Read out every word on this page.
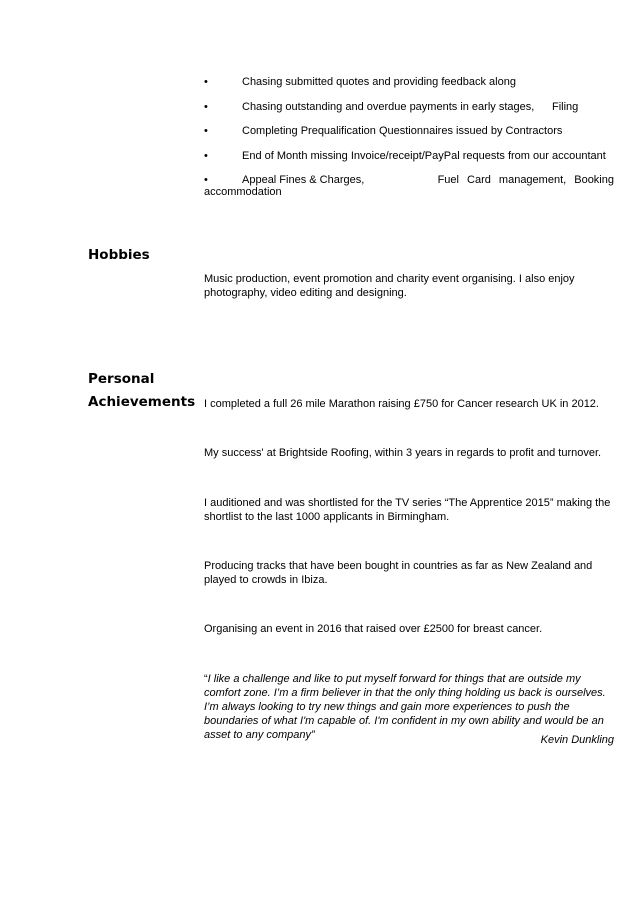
•	Chasing submitted quotes and providing feedback along
•	Chasing outstanding and overdue payments in early stages, Filing
•	Completing Prequalification Questionnaires issued by Contractors
•	End of Month missing Invoice/receipt/PayPal requests from our accountant
•	Appeal Fines & Charges,	Fuel Card management, Booking
accommodation
Hobbies

Music production, event promotion and charity event organising. I also enjoy photography, video editing and designing.

Personal
Achievements I completed a full 26 mile Marathon raising £750 for Cancer research UK in 2012.

My success' at Brightside Roofing, within 3 years in regards to profit and turnover.

I auditioned and was shortlisted for the TV series “The Apprentice 2015” making the shortlist to the last 1000 applicants in Birmingham.

Producing tracks that have been bought in countries as far as New Zealand and played to crowds in Ibiza.

Organising an event in 2016 that raised over £2500 for breast cancer.

“I like a challenge and like to put myself forward for things that are outside my comfort zone. I’m a firm believer in that the only thing holding us back is ourselves. I’m always looking to try new things and gain more experiences to push the boundaries of what I'm capable of. I'm confident in my own ability and would be an asset to any company”	Kevin Dunkling
